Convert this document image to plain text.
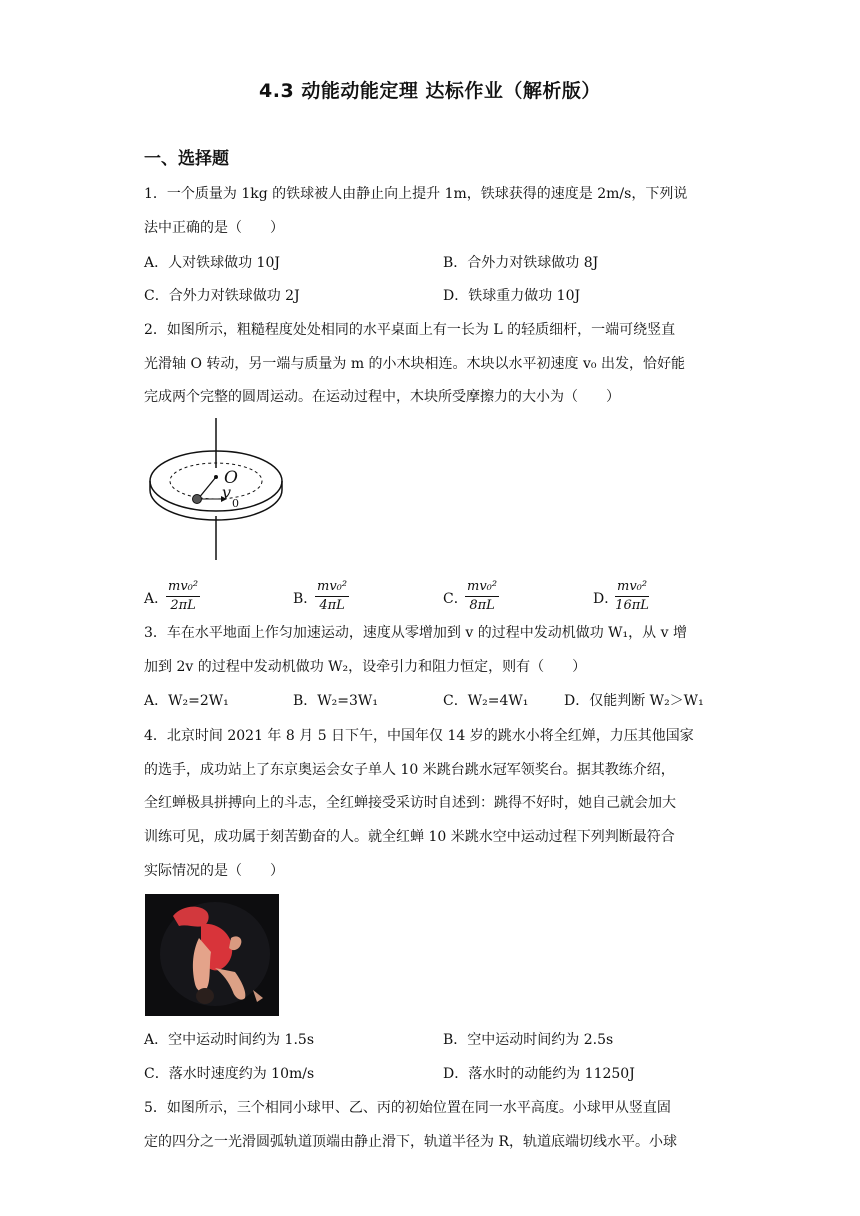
4.3 动能动能定理 达标作业（解析版）
一、选择题
1．一个质量为 1kg 的铁球被人由静止向上提升 1m，铁球获得的速度是 2m/s，下列说
法中正确的是（　　）
A．人对铁球做功 10J	B．合外力对铁球做功 8J
C．合外力对铁球做功 2J	D．铁球重力做功 10J
2．如图所示，粗糙程度处处相同的水平桌面上有一长为 L 的轻质细杆，一端可绕竖直
光滑轴 O 转动，另一端与质量为 m 的小木块相连。木块以水平初速度 v₀ 出发，恰好能
完成两个完整的圆周运动。在运动过程中，木块所受摩擦力的大小为（　　）
O
v
0
A．
$\frac{\text{mv₀²}}{2\pi L}$	B．
$\frac{\text{mv₀²}}{4\pi L}$	C．
$\frac{\text{mv₀²}}{8\pi L}$	D．
$\frac{\text{mv₀²}}{16\pi L}$
3．车在水平地面上作匀加速运动，速度从零增加到 v 的过程中发动机做功 W₁，从 v 增
加到 2v 的过程中发动机做功 W₂，设牵引力和阻力恒定，则有（　　）
A．W₂=2W₁	B．W₂=3W₁	C．W₂=4W₁	D．仅能判断 W₂＞W₁
4．北京时间 2021 年 8 月 5 日下午，中国年仅 14 岁的跳水小将全红婵，力压其他国家
的选手，成功站上了东京奥运会女子单人 10 米跳台跳水冠军领奖台。据其教练介绍，
全红蝉极具拼搏向上的斗志，全红蝉接受采访时自述到：跳得不好时，她自己就会加大
训练可见，成功属于刻苦勤奋的人。就全红蝉 10 米跳水空中运动过程下列判断最符合
实际情况的是（　　）
A．空中运动时间约为 1.5s	B．空中运动时间约为 2.5s
C．落水时速度约为 10m/s	D．落水时的动能约为 11250J
5．如图所示，三个相同小球甲、乙、丙的初始位置在同一水平高度。小球甲从竖直固
定的四分之一光滑圆弧轨道顶端由静止滑下，轨道半径为 R，轨道底端切线水平。小球
